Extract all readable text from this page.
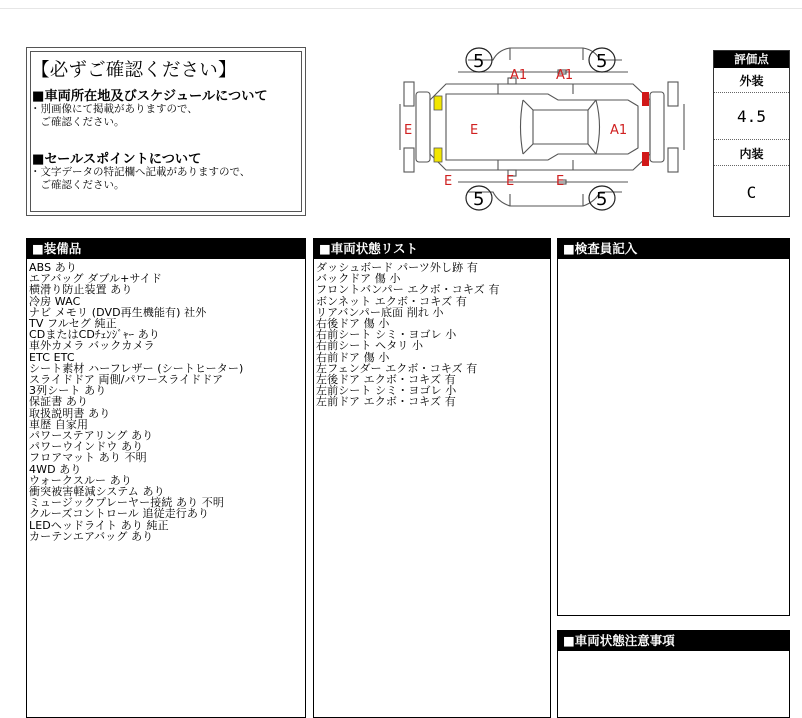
【必ずご確認ください】
■車両所在地及びスケジュールについて
・別画像にて掲載がありますので、
　ご確認ください。
■セールスポイントについて
・文字データの特記欄へ記載がありますので、
　ご確認ください。
5	5
5	5
A1 A1
E	E	A1
E	E	E
評価点
外装
4.5
内装
C
■装備品
ABS あり
エアバッグ ダブル+サイド
横滑り防止装置 あり
冷房 WAC
ナビ メモリ (DVD再生機能有) 社外
TV フルセグ 純正
CDまたはCDﾁｪﾝｼﾞｬｰ あり
車外カメラ バックカメラ
ETC ETC
シート素材 ハーフレザー (シートヒーター)
スライドドア 両側/パワースライドドア
3列シート あり
保証書 あり
取扱説明書 あり
車歴 自家用
パワーステアリング あり
パワーウインドウ あり
フロアマット あり 不明
4WD あり
ウォークスルー あり
衝突被害軽減システム あり
ミュージックプレーヤー接続 あり 不明
クルーズコントロール 追従走行あり
LEDヘッドライト あり 純正
カーテンエアバッグ あり
■車両状態リスト
ダッシュボード パーツ外し跡 有
バックドア 傷 小
フロントバンパー エクボ・コキズ 有
ボンネット エクボ・コキズ 有
リアバンパー底面 削れ 小
右後ドア 傷 小
右前シート シミ・ヨゴレ 小
右前シート ヘタリ 小
右前ドア 傷 小
左フェンダー エクボ・コキズ 有
左後ドア エクボ・コキズ 有
左前シート シミ・ヨゴレ 小
左前ドア エクボ・コキズ 有
■検査員記入
■車両状態注意事項
